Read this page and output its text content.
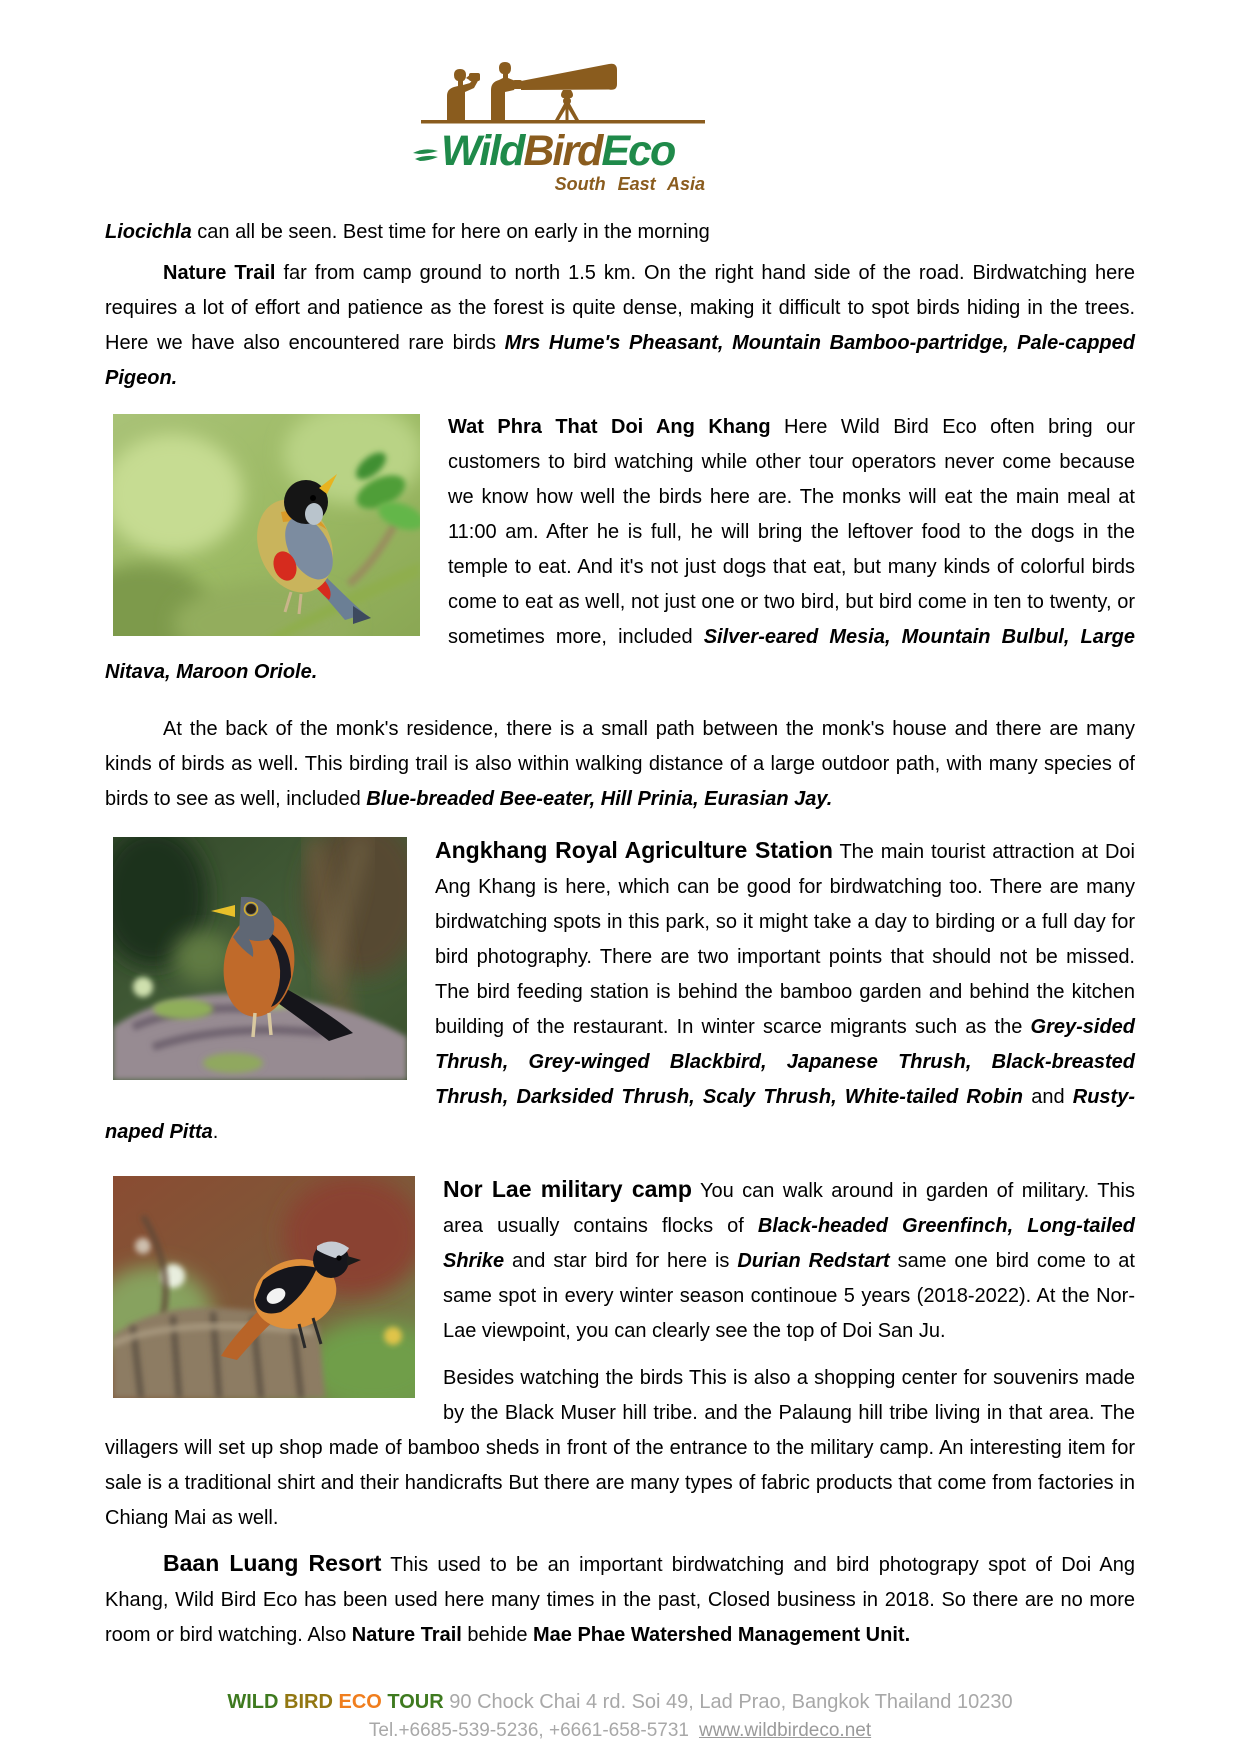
Wild Bird Eco
South East Asia

Liocichla can all be seen. Best time for here on early in the morning

Nature Trail far from camp ground to north 1.5 km. On the right hand side of the road. Birdwatching here requires a lot of effort and patience as the forest is quite dense, making it difficult to spot birds hiding in the trees. Here we have also encountered rare birds Mrs Hume's Pheasant, Mountain Bamboo-partridge, Pale-capped Pigeon.

Wat Phra That Doi Ang Khang Here Wild Bird Eco often bring our customers to bird watching while other tour operators never come because we know how well the birds here are. The monks will eat the main meal at 11:00 am. After he is full, he will bring the leftover food to the dogs in the temple to eat. And it's not just dogs that eat, but many kinds of colorful birds come to eat as well, not just one or two bird, but bird come in ten to twenty, or sometimes more, included Silver-eared Mesia, Mountain Bulbul, Large Nitava, Maroon Oriole.

At the back of the monk's residence, there is a small path between the monk's house and there are many kinds of birds as well. This birding trail is also within walking distance of a large outdoor path, with many species of birds to see as well, included Blue-breaded Bee-eater, Hill Prinia, Eurasian Jay.

Angkhang Royal Agriculture Station The main tourist attraction at Doi Ang Khang is here, which can be good for birdwatching too. There are many birdwatching spots in this park, so it might take a day to birding or a full day for bird photography. There are two important points that should not be missed. The bird feeding station is behind the bamboo garden and behind the kitchen building of the restaurant. In winter scarce migrants such as the Grey-sided Thrush, Grey-winged Blackbird, Japanese Thrush, Black-breasted Thrush, Darksided Thrush, Scaly Thrush, White-tailed Robin and Rusty-naped Pitta.

Nor Lae military camp You can walk around in garden of military. This area usually contains flocks of Black-headed Greenfinch, Long-tailed Shrike and star bird for here is Durian Redstart same one bird come to at same spot in every winter season continoue 5 years (2018-2022). At the Nor-Lae viewpoint, you can clearly see the top of Doi San Ju.

Besides watching the birds This is also a shopping center for souvenirs made by the Black Muser hill tribe. and the Palaung hill tribe living in that area. The villagers will set up shop made of bamboo sheds in front of the entrance to the military camp. An interesting item for sale is a traditional shirt and their handicrafts But there are many types of fabric products that come from factories in Chiang Mai as well.

Baan Luang Resort This used to be an important birdwatching and bird photograpy spot of Doi Ang Khang, Wild Bird Eco has been used here many times in the past, Closed business in 2018. So there are no more room or bird watching. Also Nature Trail behide Mae Phae Watershed Management Unit.

WILD BIRD ECO TOUR 90 Chock Chai 4 rd. Soi 49, Lad Prao, Bangkok Thailand 10230
Tel.+6685-539-5236, +6661-658-5731 www.wildbirdeco.net
